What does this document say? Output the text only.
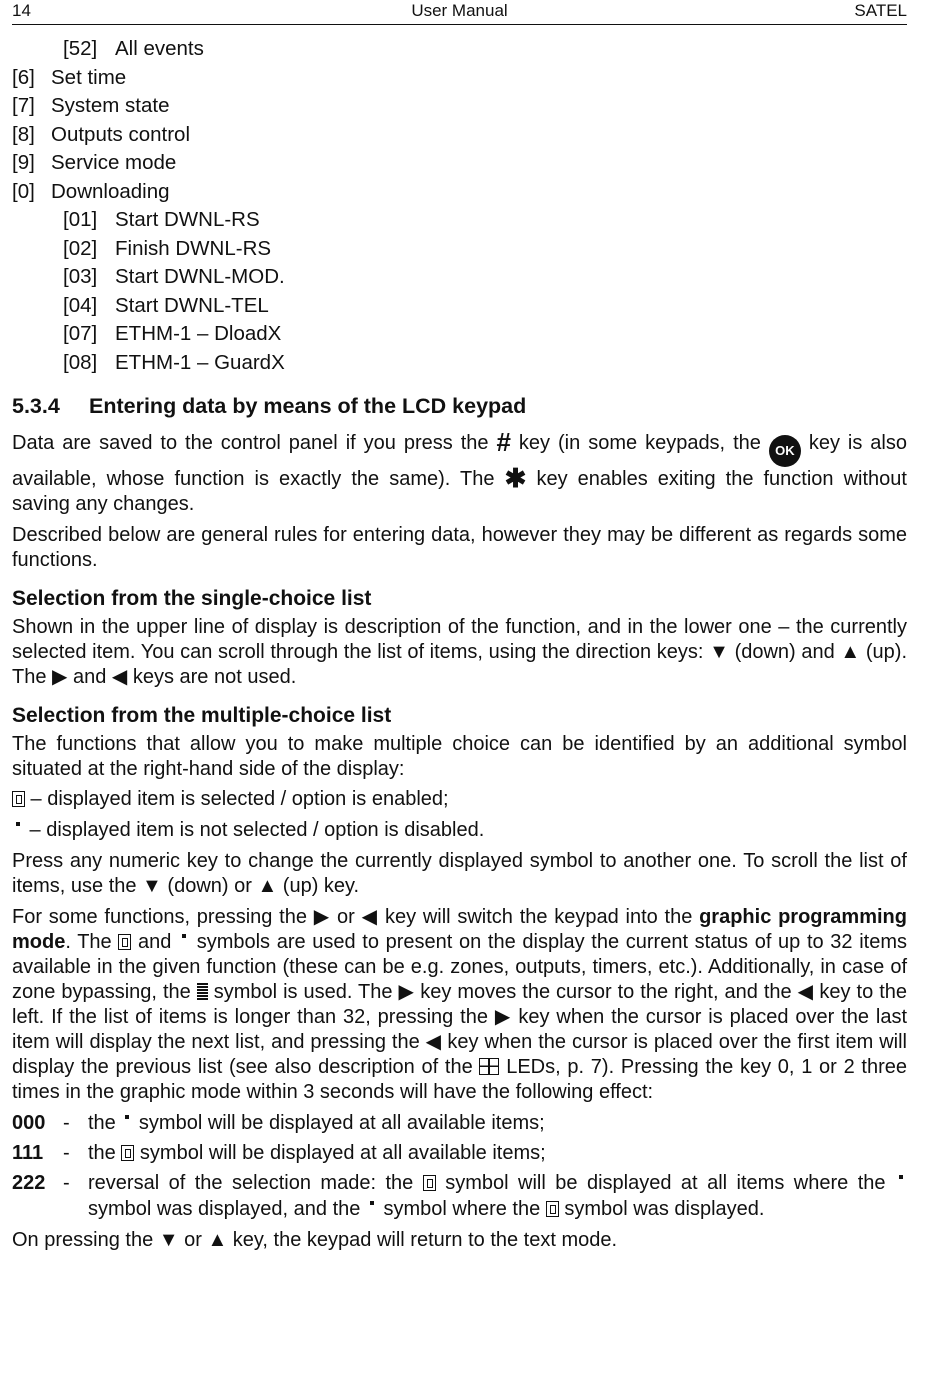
14	User Manual	SATEL
[52] All events
[6] Set time
[7] System state
[8] Outputs control
[9] Service mode
[0] Downloading
[01] Start DWNL-RS
[02] Finish DWNL-RS
[03] Start DWNL-MOD.
[04] Start DWNL-TEL
[07] ETHM-1 – DloadX
[08] ETHM-1 – GuardX
5.3.4 Entering data by means of the LCD keypad

Data are saved to the control panel if you press the # key (in some keypads, the OK key is also available, whose function is exactly the same). The ✱ key enables exiting the function without saving any changes.

Described below are general rules for entering data, however they may be different as regards some functions.

Selection from the single-choice list

Shown in the upper line of display is description of the function, and in the lower one – the currently selected item. You can scroll through the list of items, using the direction keys: ▼ (down) and ▲ (up). The ▶ and ◀ keys are not used.

Selection from the multiple-choice list

The functions that allow you to make multiple choice can be identified by an additional symbol situated at the right-hand side of the display:

– displayed item is selected / option is enabled;
– displayed item is not selected / option is disabled.

Press any numeric key to change the currently displayed symbol to another one. To scroll the list of items, use the ▼ (down) or ▲ (up) key.

For some functions, pressing the ▶ or ◀ key will switch the keypad into the graphic programming mode. The  and  symbols are used to present on the display the current status of up to 32 items available in the given function (these can be e.g. zones, outputs, timers, etc.). Additionally, in case of zone bypassing, the  symbol is used. The ▶ key moves the cursor to the right, and the ◀ key to the left. If the list of items is longer than 32, pressing the ▶ key when the cursor is placed over the last item will display the next list, and pressing the ◀ key when the cursor is placed over the first item will display the previous list (see also description of the  LEDs, p. 7). Pressing the key 0, 1 or 2 three times in the graphic mode within 3 seconds will have the following effect:

000 - the  symbol will be displayed at all available items;
111 - the  symbol will be displayed at all available items;
222 - reversal of the selection made: the  symbol will be displayed at all items where the  symbol was displayed, and the  symbol where the  symbol was displayed.

On pressing the ▼ or ▲ key, the keypad will return to the text mode.
